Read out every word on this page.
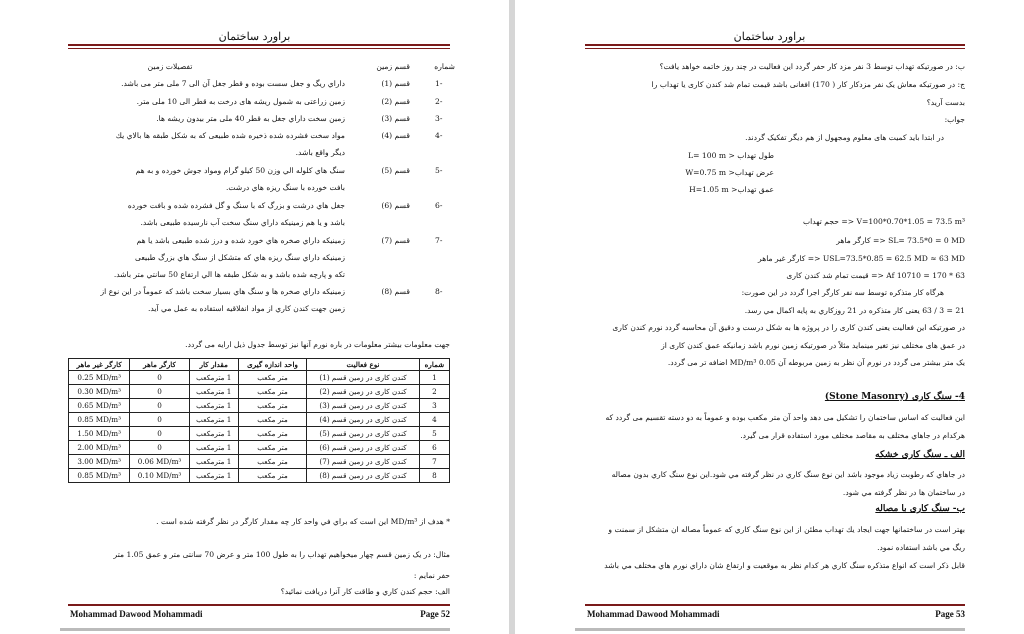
براورد ساختمان
شماره
قسم زمین
تفصيلات زمین
1-
قسم (1)
داراي ريگ و جغل سست بوده و قطر جغل آن الى 7 ملى متر مى باشد.
2-
قسم (2)
زمین زراعتی به شمول ریشه های درخت به قطر الی 10 ملی متر.
3-
قسم (3)
زمین سخت داراي جغل به قطر 40 ملی متر بيدون ريشه ها.
4-
قسم (4)
مواد سخت فشرده شده ذخيره شده طبيعى كه به شكل طبقه ها بالاي يك
ديگر واقع باشد.
5-
قسم (5)
سنگ هاي كلوله الي وزن 50 كيلو گرام ومواد جوش خورده و به هم
بافت خورده با سنگ ريزه هاي درشت.
6-
قسم (6)
جغل هاي درشت و بزرگ كه با سنگ و گل فشرده شده و بافت خورده
باشد و يا هم زمينيكه داراي سنگ سخت آب نارسيده طبيعى باشد.
7-
قسم (7)
زمينيكه داراي صخره هاي خورد شده و درز شده طبيعى باشد يا هم
زمينيكه داراي سنگ ريزه هاي كه متشكل از سنگ هاي بزرگ طبيعى
تكه و پارچه شده باشد و به شكل طبقه ها الي ارتفاع 50 سانتي متر باشد.
8-
قسم (8)
زمينيكه داراي صخره ها و سنگ هاي بسيار سخت باشد كه عموماً در اين نوع از
زمين جهت كندن كاري از مواد انفلاقيه استفاده به عمل مي آيد.
جهت معلومات بيشتر معلومات در باره نورم آنها نيز توسط جدول ذيل ارايه مى گردد.
شماره	نوع فعالیت	واحد اندازه گیری	مقدار کار	کارگر ماهر	کارگر غیر ماهر
1	کندن کاری در زمین قسم (1)	متر مکعب	1 مترمکعب	0	0.25 MD/m³
2	کندن کاری در زمین قسم (2)	متر مکعب	1 مترمکعب	0	0.30 MD/m³
3	کندن کاری در زمین قسم (3)	متر مکعب	1 مترمکعب	0	0.65 MD/m³
4	کندن کاری در زمین قسم (4)	متر مکعب	1 مترمکعب	0	0.85 MD/m³
5	کندن کاری در زمین قسم (5)	متر مکعب	1 مترمکعب	0	1.50 MD/m³
6	کندن کاری در زمین قسم (6)	متر مکعب	1 مترمکعب	0	2.00 MD/m³
7	کندن کاری در زمین قسم (7)	متر مکعب	1 مترمکعب	0.06 MD/m³	3.00 MD/m³
8	کندن کاری در زمین قسم (8)	متر مکعب	1 مترمکعب	0.10 MD/m³	0.85 MD/m³
* هدف از MD/m³ اين است كه براي في واحد كار چه مقدار كارگر در نظر گرفته شده است .
مثال: در یک زمین قسم چهار میخواهیم تهداب را به طول 100 متر و عرض 70 سانتی متر و عمق 1.05 متر
حفر نمایم :
الف: حجم كندن كاري و طاقت كار آنرا دريافت نمائيد؟
Mohammad Dawood Mohammadi	Page 52
براورد ساختمان
ب: در صورتیکه تهداب توسط 3 نفر مزد كار حفر گردد این فعالیت در چند روز خاتمه خواهد یافت؟
ج: در صورتیکه معاش یک نفر مزدکار کار ( 170) افغانی باشد قیمت تمام شد کندن کاری یا تهداب را
بدست آرید؟
جواب:
در ابتدا باید کمیت های معلوم ومجهول از هم دیگر تفکیک گردند.
طول تهداب < L= 100 m
عرض تهداب< W=0.75 m
عمق تهداب< H=1.05 m
V=100*0.70*1.05 = 73.5 m³ <= حجم تهداب
SL= 73.5*0 = 0 MD <= کارگر ماهر
USL=73.5*0.85 = 62.5 MD ≈ 63 MD <= کارگر غير ماهر
63 * 170 = 10710 Af <= قیمت تمام شد کندن کاری
هرگاه كار متذكره توسط سه نفر كارگر اجرا گردد در اين صورت:
21 = 3 / 63 يعنى كار متذكره در 21 روزكاري به پايه اكمال مي رسد.
در صورتیکه این فعالیت یعنی کندن کاری را در پروژه ها به شکل درست و دقیق آن محاسبه گردد نورم کندن کاری
در عمق های مختلف نیز تغیر مینماید مثلاً در صورتیکه زمین نورم باشد زمانیکه عمق کندن کاری از
یک متر بیشتر می گردد در نورم آن نظر به زمین مربوطه آن 0.05 MD/m³ اضافه تر می گردد.
4- سنگ کاری (Stone Masonry)
اين فعاليت كه اساس ساختمان را تشكيل مى دهد واحد آن متر مكعب بوده و عموماً به دو دسته تقسيم مى گردد كه
هركدام در جاهاي مختلف به مقاصد مختلف مورد استفاده قرار مى گيرد.
الف ـ سنگ كارى خشكه
در جاهاي كه رطوبت زياد موجود باشد اين نوع سنگ كاري در نظر گرفته مي شود.اين نوع سنگ كاري بدون مصاله
در ساختمان ها در نظر گرفته مي شود.
ب- سنگ كارى با مصاله
بهتر است در ساختمانها جهت ايجاد يك تهداب مطئن از اين نوع سنگ كاري كه عموماً مصاله ان متشكل از سمنت و
ريگ مي باشد استفاده نمود.
قابل ذكر است كه انواع متذكره سنگ كاري هر كدام نظر به موقعيت و ارتفاع شان داراي نورم هاي مختلف مي باشد
Mohammad Dawood Mohammadi	Page 53
